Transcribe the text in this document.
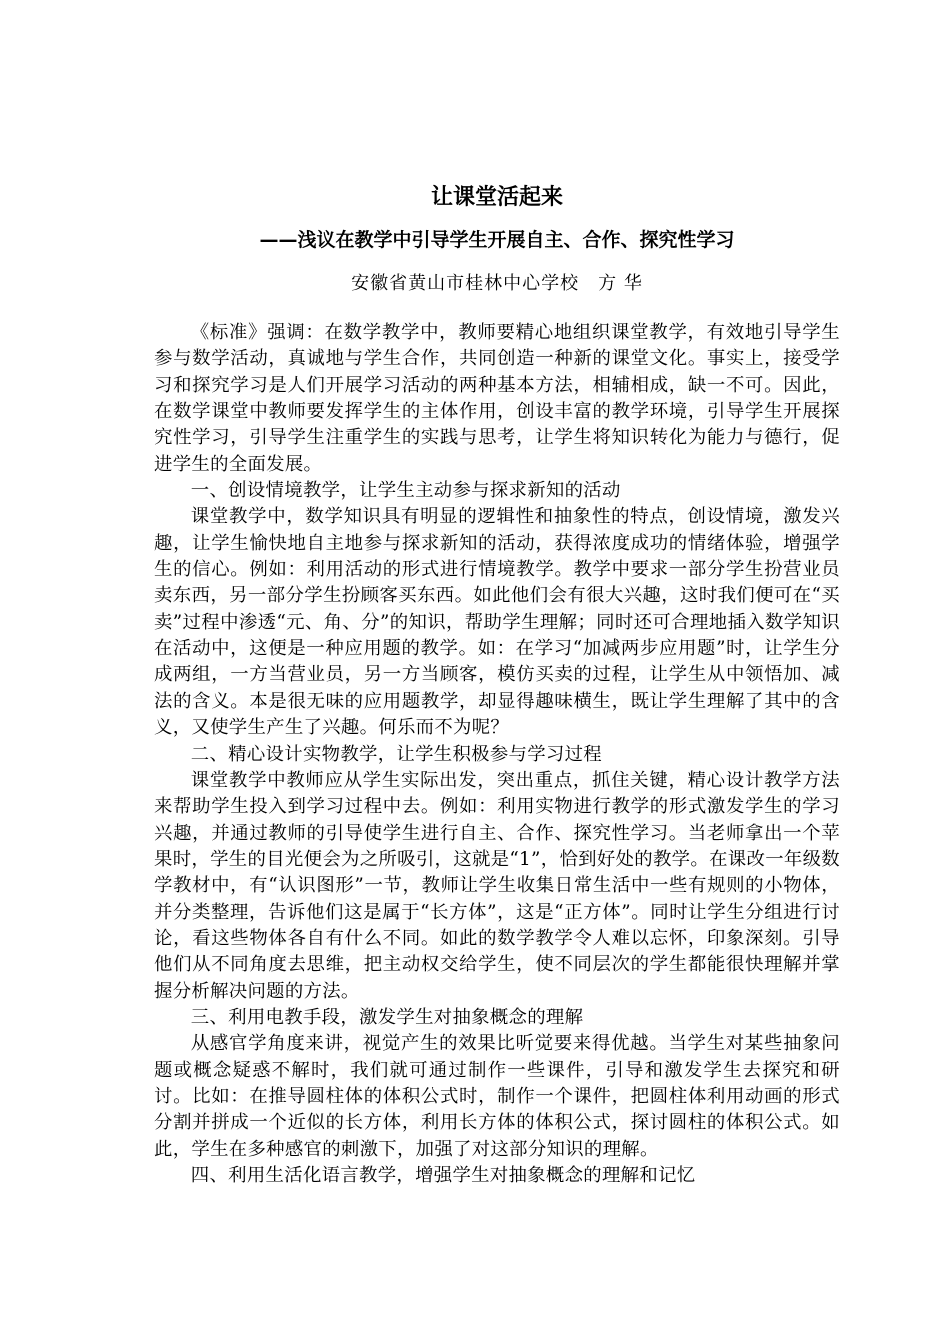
让课堂活起来
——浅议在教学中引导学生开展自主、合作、探究性学习
安徽省黄山市桂林中心学校　方 华

《标准》强调：在数学教学中，教师要精心地组织课堂教学，有效地引导学生参与数学活动，真诚地与学生合作，共同创造一种新的课堂文化。事实上，接受学习和探究学习是人们开展学习活动的两种基本方法，相辅相成，缺一不可。因此，在数学课堂中教师要发挥学生的主体作用，创设丰富的教学环境，引导学生开展探究性学习，引导学生注重学生的实践与思考，让学生将知识转化为能力与德行，促进学生的全面发展。

一、创设情境教学，让学生主动参与探求新知的活动

课堂教学中，数学知识具有明显的逻辑性和抽象性的特点，创设情境，激发兴趣，让学生愉快地自主地参与探求新知的活动，获得浓度成功的情绪体验，增强学生的信心。例如：利用活动的形式进行情境教学。教学中要求一部分学生扮营业员卖东西，另一部分学生扮顾客买东西。如此他们会有很大兴趣，这时我们便可在“买卖”过程中渗透“元、角、分”的知识，帮助学生理解；同时还可合理地插入数学知识在活动中，这便是一种应用题的教学。如：在学习“加减两步应用题”时，让学生分成两组，一方当营业员，另一方当顾客，模仿买卖的过程，让学生从中领悟加、减法的含义。本是很无味的应用题教学，却显得趣味横生，既让学生理解了其中的含义，又使学生产生了兴趣。何乐而不为呢？

二、精心设计实物教学，让学生积极参与学习过程

课堂教学中教师应从学生实际出发，突出重点，抓住关键，精心设计教学方法来帮助学生投入到学习过程中去。例如：利用实物进行教学的形式激发学生的学习兴趣，并通过教师的引导使学生进行自主、合作、探究性学习。当老师拿出一个苹果时，学生的目光便会为之所吸引，这就是“1”，恰到好处的教学。在课改一年级数学教材中，有“认识图形”一节，教师让学生收集日常生活中一些有规则的小物体，并分类整理，告诉他们这是属于“长方体”，这是“正方体”。同时让学生分组进行讨论，看这些物体各自有什么不同。如此的数学教学令人难以忘怀，印象深刻。引导他们从不同角度去思维，把主动权交给学生，使不同层次的学生都能很快理解并掌握分析解决问题的方法。

三、利用电教手段，激发学生对抽象概念的理解

从感官学角度来讲，视觉产生的效果比听觉要来得优越。当学生对某些抽象问题或概念疑惑不解时，我们就可通过制作一些课件，引导和激发学生去探究和研讨。比如：在推导圆柱体的体积公式时，制作一个课件，把圆柱体利用动画的形式分割并拼成一个近似的长方体，利用长方体的体积公式，探讨圆柱的体积公式。如此，学生在多种感官的刺激下，加强了对这部分知识的理解。

四、利用生活化语言教学，增强学生对抽象概念的理解和记忆
